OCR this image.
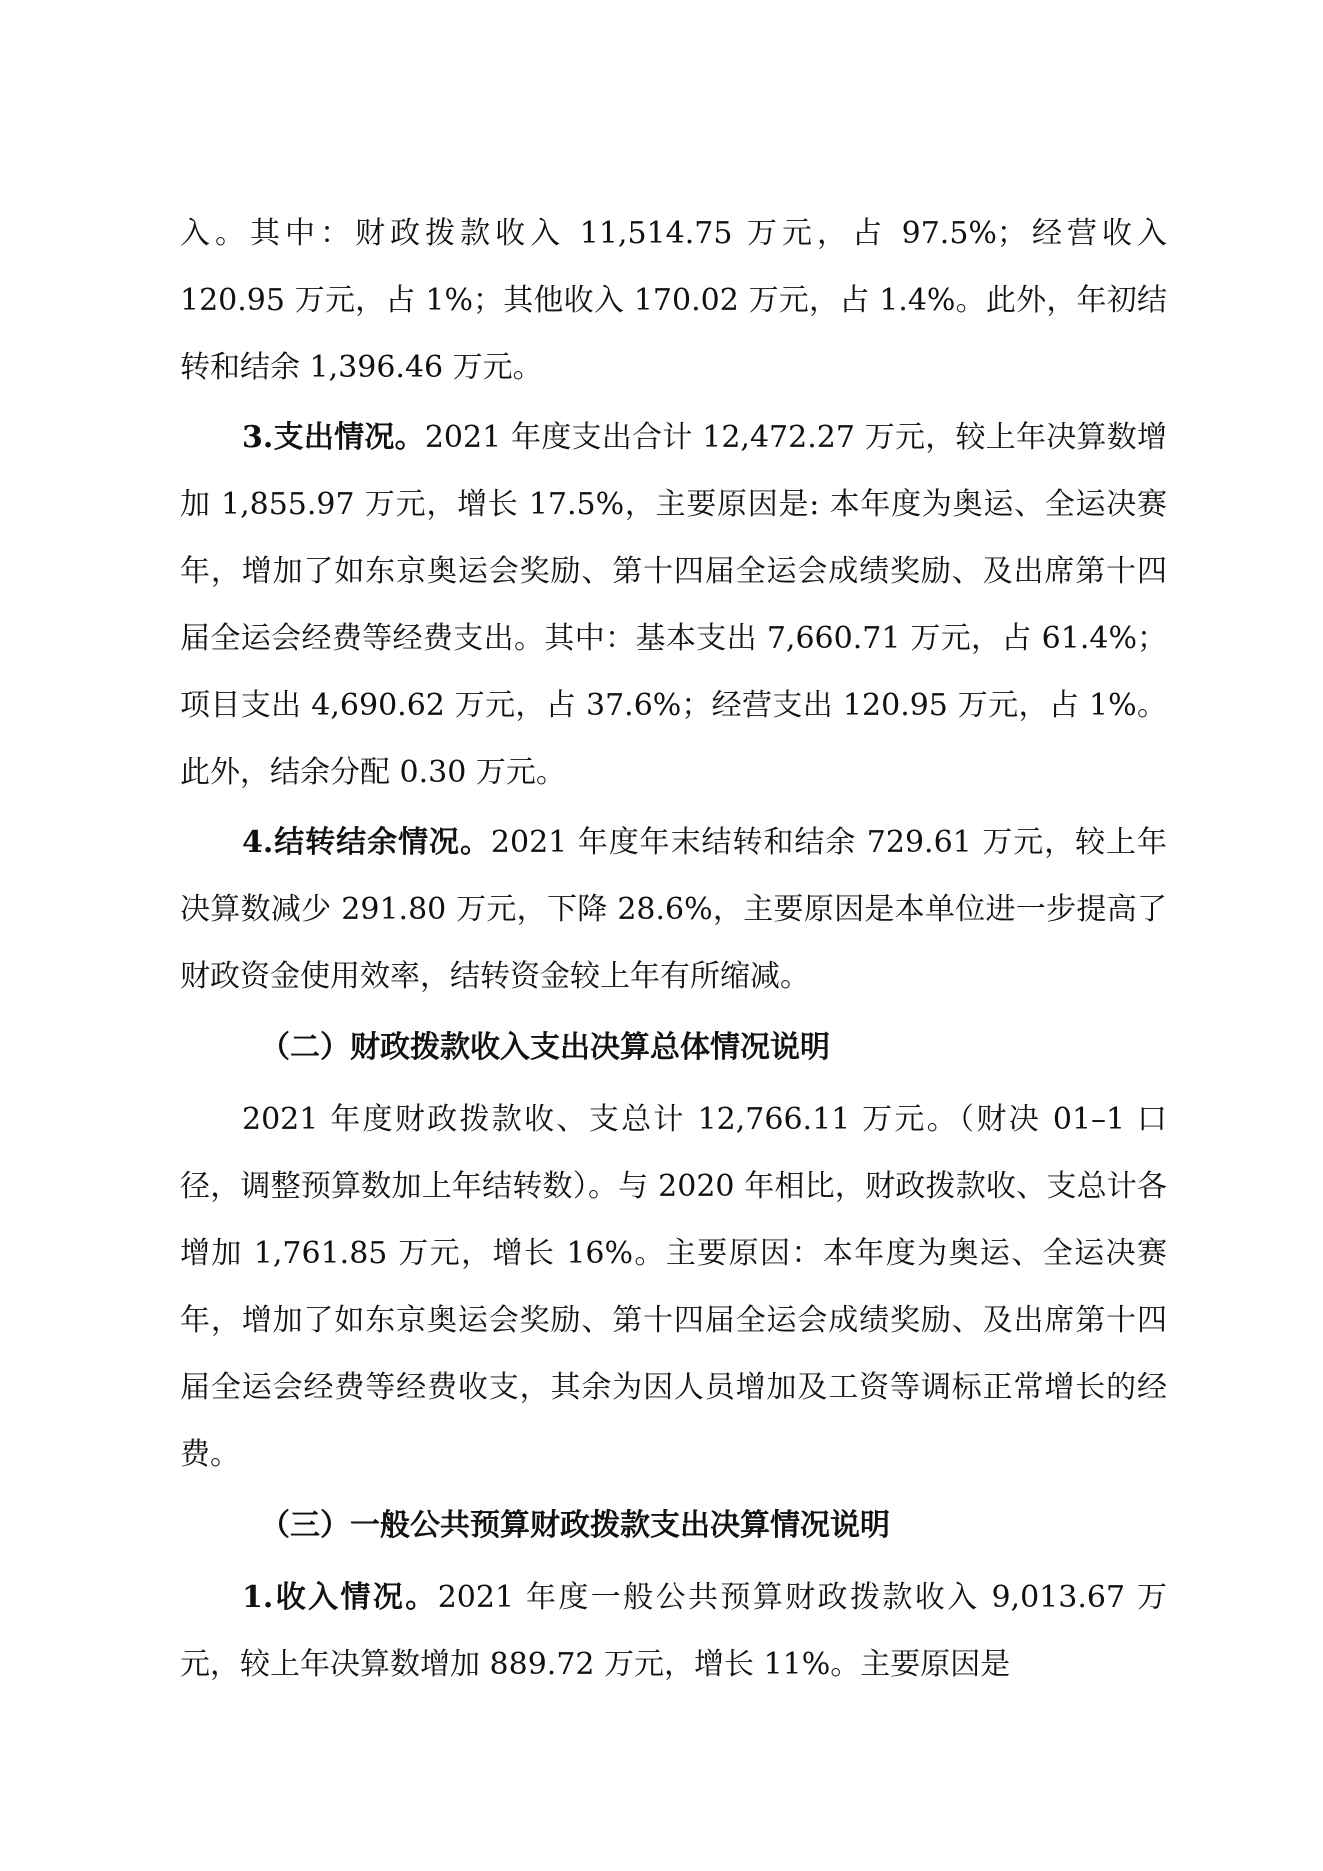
入。其中：财政拨款收入 11,514.75 万元，占 97.5%；经营收入 120.95 万元，占 1%；其他收入 170.02 万元，占 1.4%。此外，年初结转和结余 1,396.46 万元。

3.支出情况。2021 年度支出合计 12,472.27 万元，较上年决算数增加 1,855.97 万元，增长 17.5%，主要原因是: 本年度为奥运、全运决赛年，增加了如东京奥运会奖励、第十四届全运会成绩奖励、及出席第十四届全运会经费等经费支出。其中：基本支出 7,660.71 万元，占 61.4%；项目支出 4,690.62 万元，占 37.6%；经营支出 120.95 万元，占 1%。此外，结余分配 0.30 万元。

4.结转结余情况。2021 年度年末结转和结余 729.61 万元，较上年决算数减少 291.80 万元，下降 28.6%，主要原因是本单位进一步提高了财政资金使用效率，结转资金较上年有所缩减。

（二）财政拨款收入支出决算总体情况说明

2021 年度财政拨款收、支总计 12,766.11 万元。（财决 01–1 口径，调整预算数加上年结转数）。与 2020 年相比，财政拨款收、支总计各增加 1,761.85 万元，增长 16%。主要原因：本年度为奥运、全运决赛年，增加了如东京奥运会奖励、第十四届全运会成绩奖励、及出席第十四届全运会经费等经费收支，其余为因人员增加及工资等调标正常增长的经费。

（三）一般公共预算财政拨款支出决算情况说明

1.收入情况。2021 年度一般公共预算财政拨款收入 9,013.67 万元，较上年决算数增加 889.72 万元，增长 11%。主要原因是
